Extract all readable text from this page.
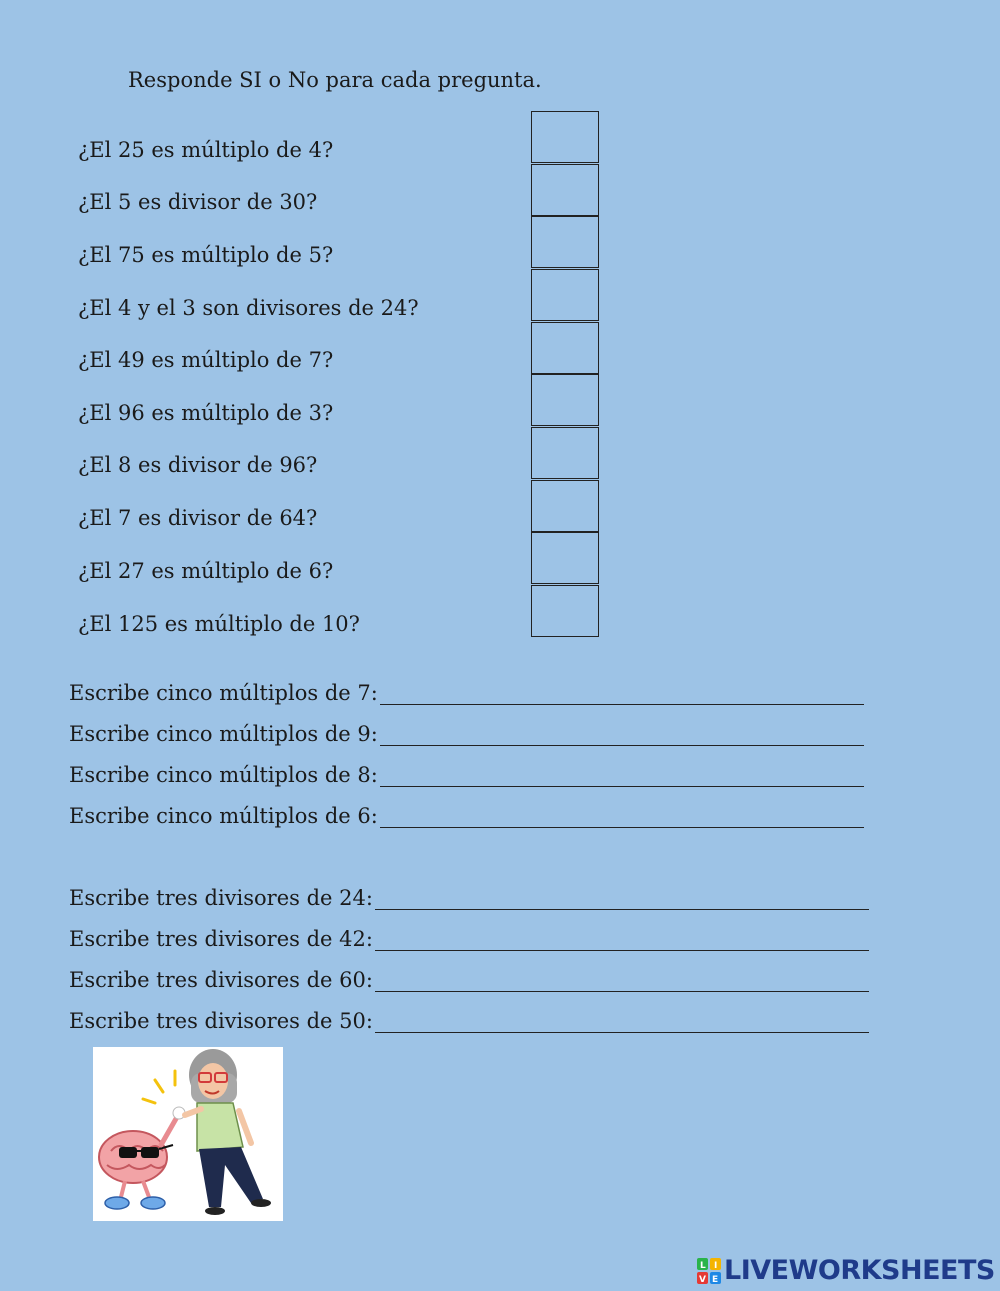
Responde SI o No para cada pregunta.
¿El 25 es múltiplo de 4?
¿El 5 es divisor de 30?
¿El 75 es múltiplo de 5?
¿El 4 y el 3 son divisores de 24?
¿El 49 es múltiplo de 7?
¿El 96 es múltiplo de 3?
¿El 8 es divisor de 96?
¿El 7 es divisor de 64?
¿El 27 es múltiplo de 6?
¿El 125 es múltiplo de 10?
Escribe cinco múltiplos de 7:
Escribe cinco múltiplos de 9:
Escribe cinco múltiplos de 8:
Escribe cinco múltiplos de 6:
Escribe tres divisores de 24:
Escribe tres divisores de 42:
Escribe tres divisores de 60:
Escribe tres divisores de 50:
L I
V E LIVEWORKSHEETS
